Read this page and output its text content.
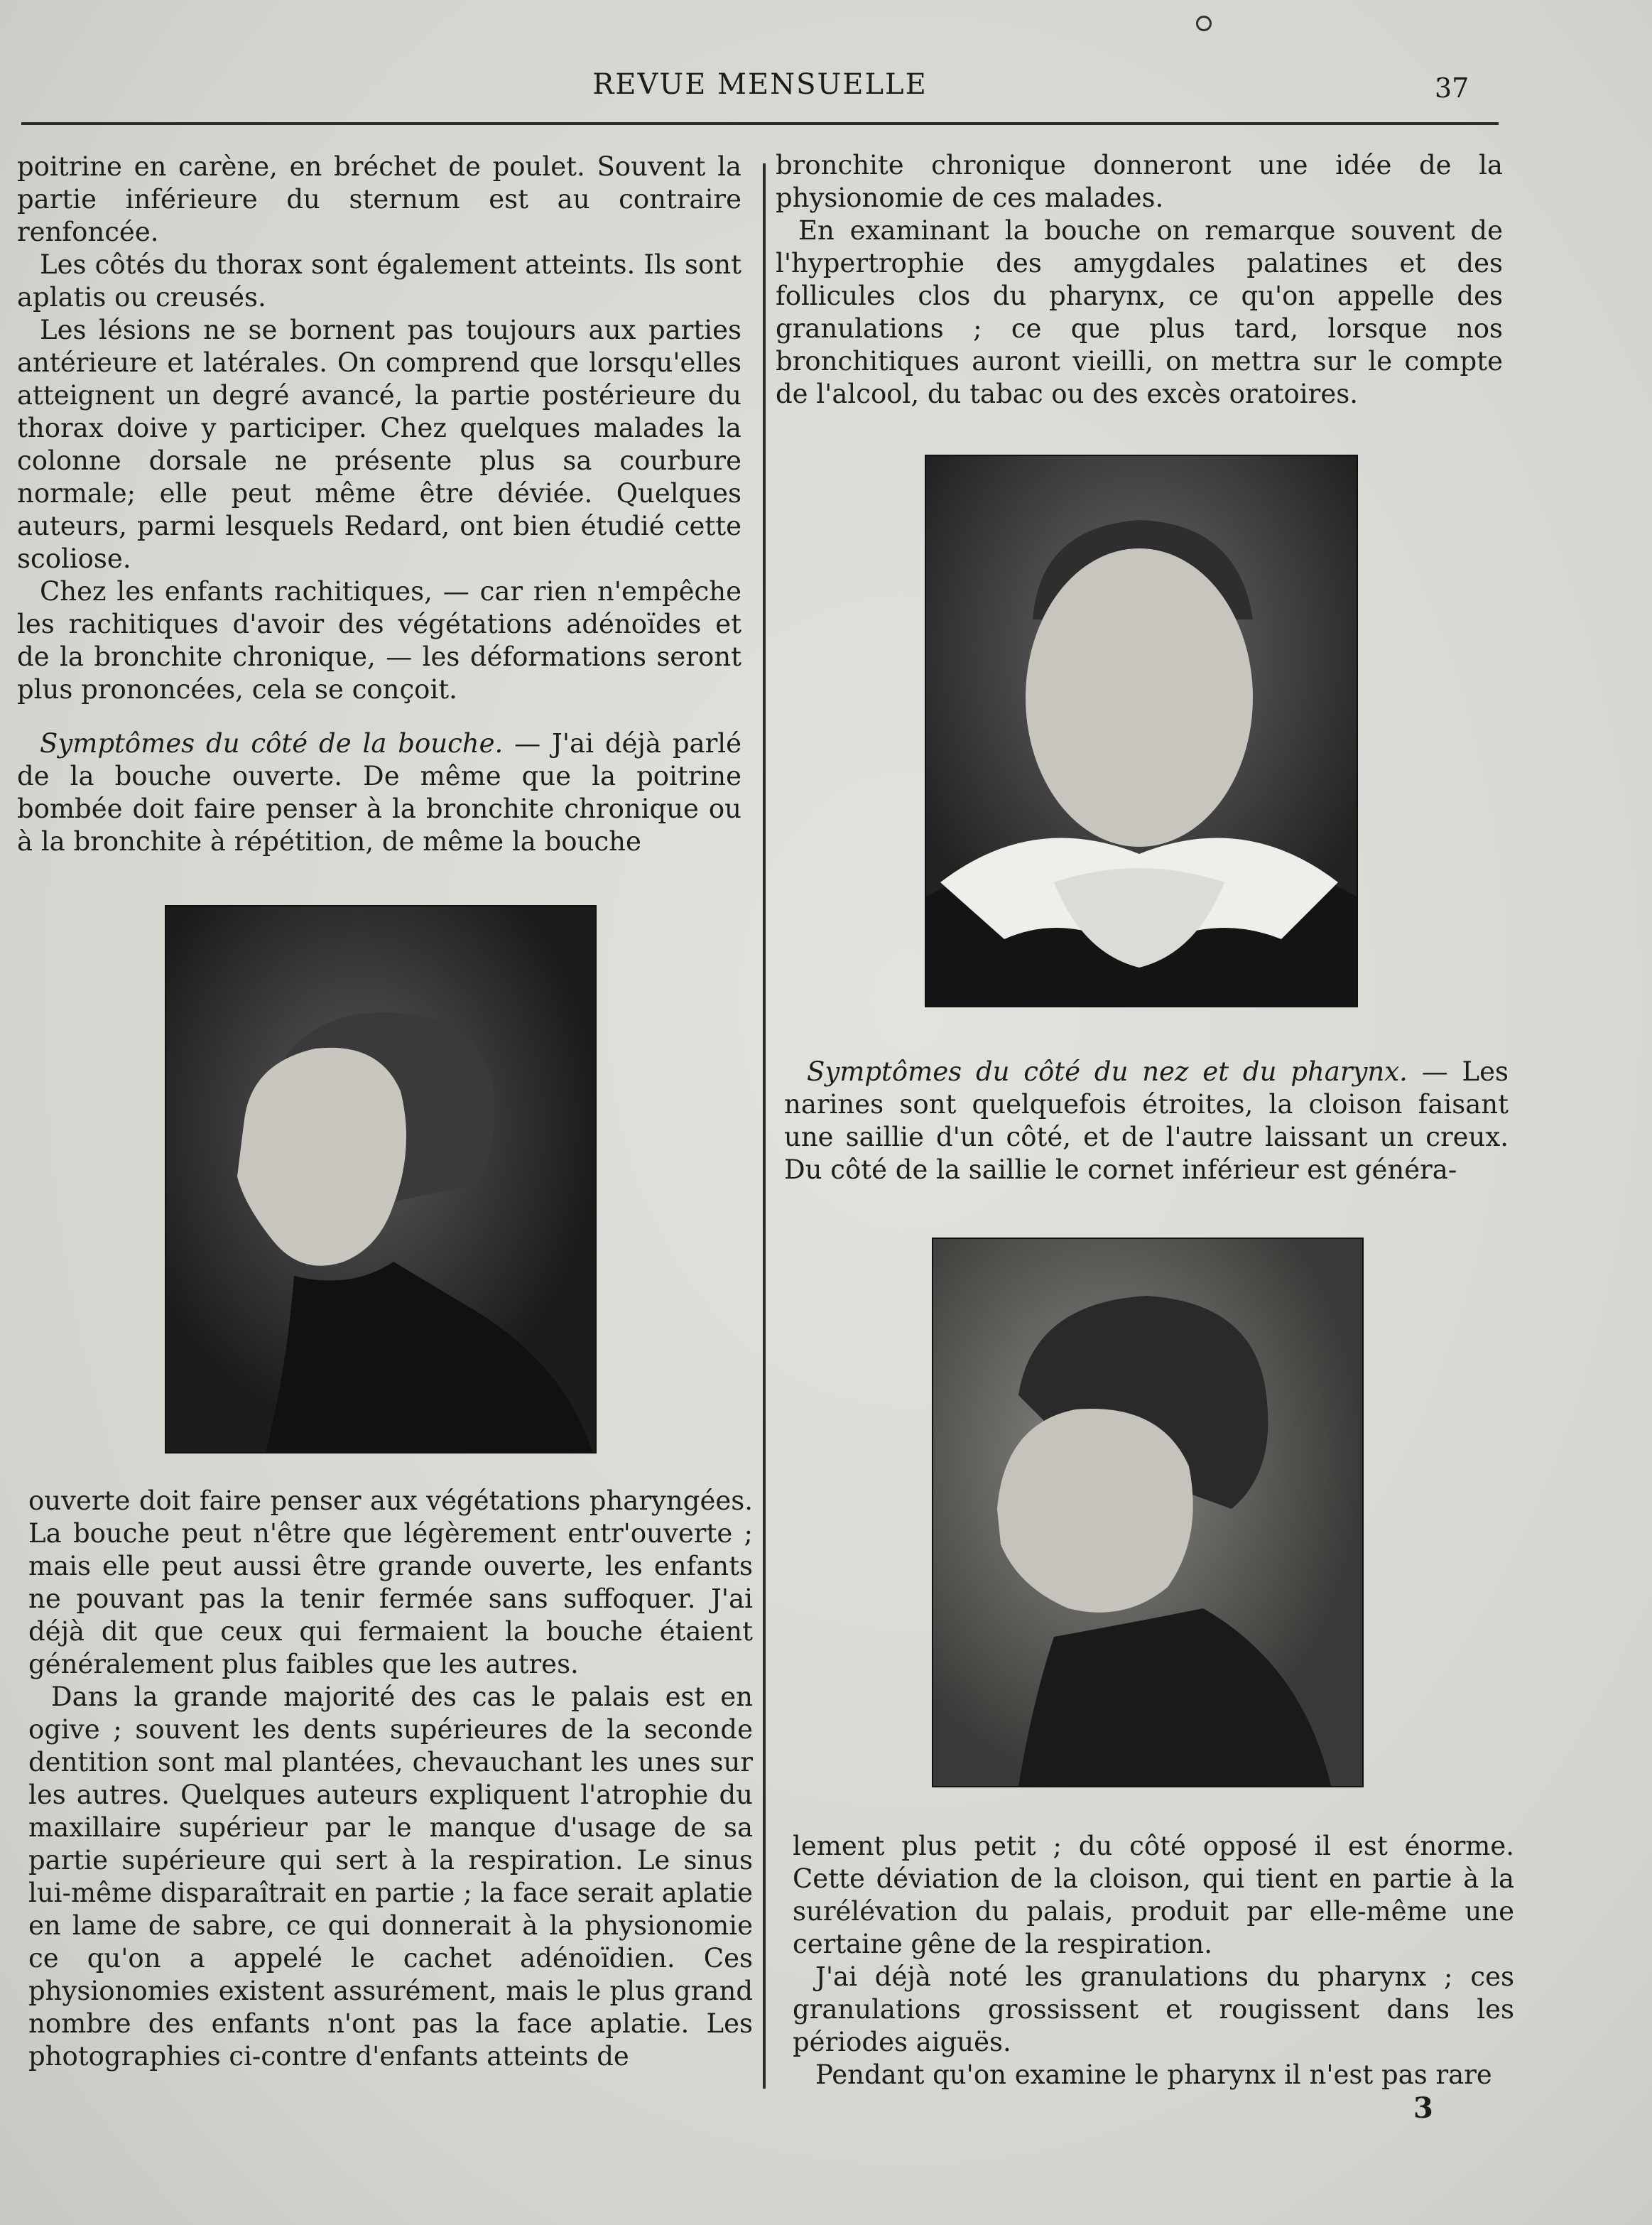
REVUE MENSUELLE	37

poitrine en carène, en bréchet de poulet. Souvent la partie inférieure du sternum est au contraire renfoncée.

Les côtés du thorax sont également atteints. Ils sont aplatis ou creusés.

Les lésions ne se bornent pas toujours aux parties antérieure et latérales. On comprend que lorsqu'elles atteignent un degré avancé, la partie postérieure du thorax doive y participer. Chez quelques malades la colonne dorsale ne présente plus sa courbure normale; elle peut même être déviée. Quelques auteurs, parmi lesquels Redard, ont bien étudié cette scoliose.

Chez les enfants rachitiques, — car rien n'empêche les rachitiques d'avoir des végétations adénoïdes et de la bronchite chronique, — les déformations seront plus prononcées, cela se conçoit.

Symptômes du côté de la bouche. — J'ai déjà parlé de la bouche ouverte. De même que la poitrine bombée doit faire penser à la bronchite chronique ou à la bronchite à répétition, de même la bouche

ouverte doit faire penser aux végétations pharyngées. La bouche peut n'être que légèrement entr'ouverte ; mais elle peut aussi être grande ouverte, les enfants ne pouvant pas la tenir fermée sans suffoquer. J'ai déjà dit que ceux qui fermaient la bouche étaient généralement plus faibles que les autres.

Dans la grande majorité des cas le palais est en ogive ; souvent les dents supérieures de la seconde dentition sont mal plantées, chevauchant les unes sur les autres. Quelques auteurs expliquent l'atrophie du maxillaire supérieur par le manque d'usage de sa partie supérieure qui sert à la respiration. Le sinus lui-même disparaîtrait en partie ; la face serait aplatie en lame de sabre, ce qui donnerait à la physionomie ce qu'on a appelé le cachet adénoïdien. Ces physionomies existent assurément, mais le plus grand nombre des enfants n'ont pas la face aplatie. Les photographies ci-contre d'enfants atteints de

bronchite chronique donneront une idée de la physionomie de ces malades.

En examinant la bouche on remarque souvent de l'hypertrophie des amygdales palatines et des follicules clos du pharynx, ce qu'on appelle des granulations ; ce que plus tard, lorsque nos bronchitiques auront vieilli, on mettra sur le compte de l'alcool, du tabac ou des excès oratoires.

Symptômes du côté du nez et du pharynx. — Les narines sont quelquefois étroites, la cloison faisant une saillie d'un côté, et de l'autre laissant un creux. Du côté de la saillie le cornet inférieur est généra-

lement plus petit ; du côté opposé il est énorme. Cette déviation de la cloison, qui tient en partie à la surélévation du palais, produit par elle-même une certaine gêne de la respiration.

J'ai déjà noté les granulations du pharynx ; ces granulations grossissent et rougissent dans les périodes aiguës.

Pendant qu'on examine le pharynx il n'est pas rare

3
